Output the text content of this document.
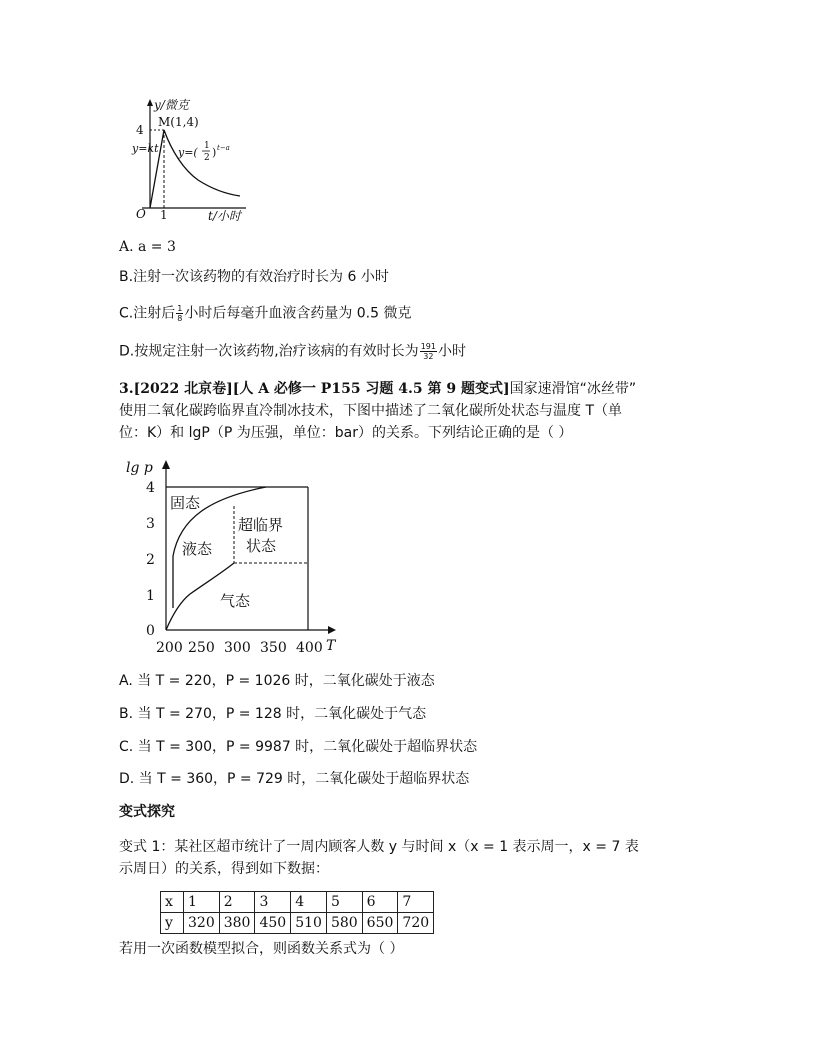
y/微克
M(1,4)
4
y=kt y=( 1
2 ) t−a
O 1	t/小时
A. a = 3
B.注射一次该药物的有效治疗时长为 6 小时
C.注射后 $\frac{1}{8}$ 小时后每毫升血液含药量为 0.5 微克
D.按规定注射一次该药物,治疗该病的有效时长为 $\frac{191}{32}$ 小时
3.[2022 北京卷][人 A 必修一 P155 习题 4.5 第 9 题变式]国家速滑馆“冰丝带”
使用二氧化碳跨临界直冷制冰技术，下图中描述了二氧化碳所处状态与温度 T（单
位：K）和 lgP（P 为压强，单位：bar）的关系。下列结论正确的是（ ）
lg p
4
3
2
1
0
200 250 300 350 400 T
固态
液态
超临界
状态
气态
A. 当 T = 220，P = 1026 时，二氧化碳处于液态
B. 当 T = 270，P = 128 时，二氧化碳处于气态
C. 当 T = 300，P = 9987 时，二氧化碳处于超临界状态
D. 当 T = 360，P = 729 时，二氧化碳处于超临界状态
变式探究
变式 1：某社区超市统计了一周内顾客人数 y 与时间 x（x = 1 表示周一，x = 7 表
示周日）的关系，得到如下数据：
x	1	2	3	4	5	6	7
y	320	380	450	510	580	650	720
若用一次函数模型拟合，则函数关系式为（ ）
